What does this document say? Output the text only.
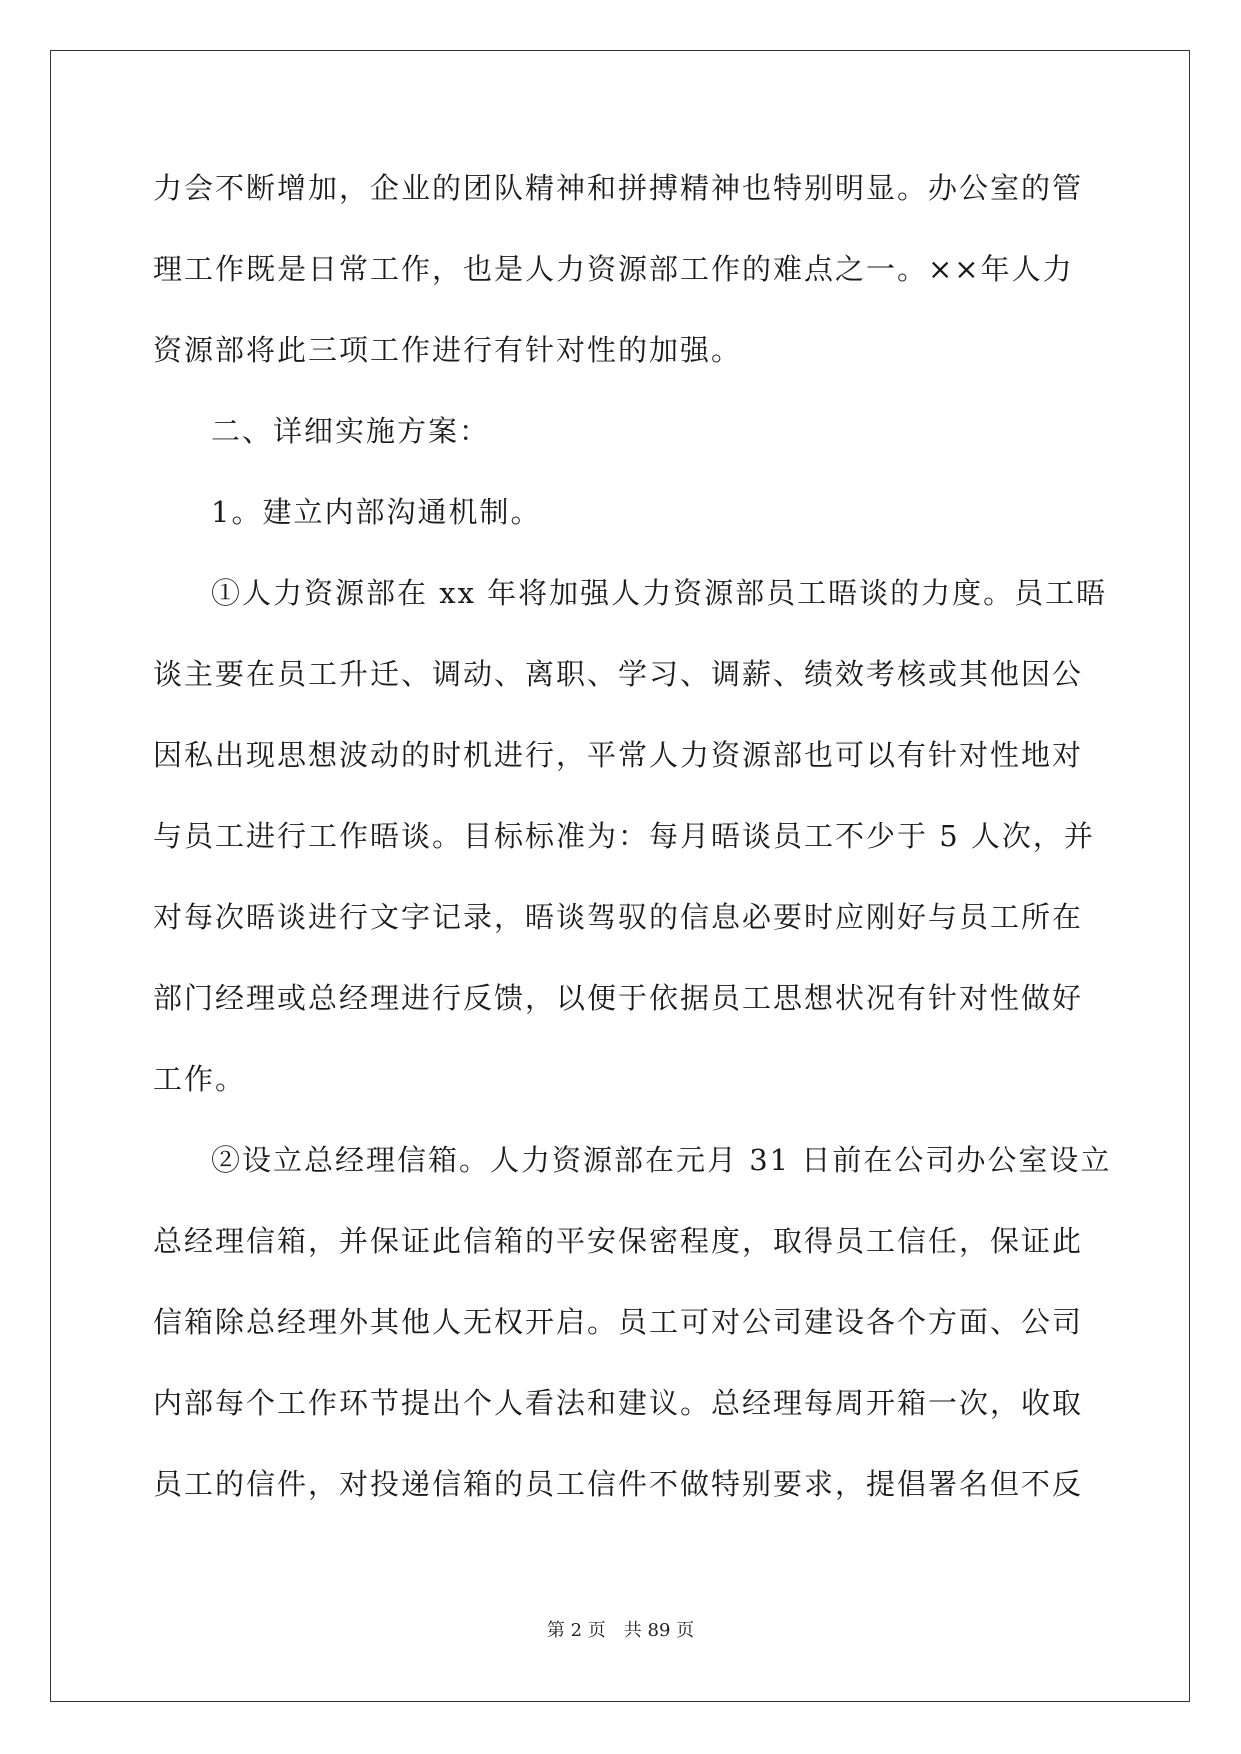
力会不断增加，企业的团队精神和拼搏精神也特别明显。办公室的管
理工作既是日常工作，也是人力资源部工作的难点之一。××年人力
资源部将此三项工作进行有针对性的加强。
二、详细实施方案：
1。建立内部沟通机制。
①人力资源部在 xx 年将加强人力资源部员工晤谈的力度。员工晤
谈主要在员工升迁、调动、离职、学习、调薪、绩效考核或其他因公
因私出现思想波动的时机进行，平常人力资源部也可以有针对性地对
与员工进行工作晤谈。目标标准为：每月晤谈员工不少于 5 人次，并
对每次晤谈进行文字记录，晤谈驾驭的信息必要时应刚好与员工所在
部门经理或总经理进行反馈，以便于依据员工思想状况有针对性做好
工作。
②设立总经理信箱。人力资源部在元月 31 日前在公司办公室设立
总经理信箱，并保证此信箱的平安保密程度，取得员工信任，保证此
信箱除总经理外其他人无权开启。员工可对公司建设各个方面、公司
内部每个工作环节提出个人看法和建议。总经理每周开箱一次，收取
员工的信件，对投递信箱的员工信件不做特别要求，提倡署名但不反
第 2 页　共 89 页
